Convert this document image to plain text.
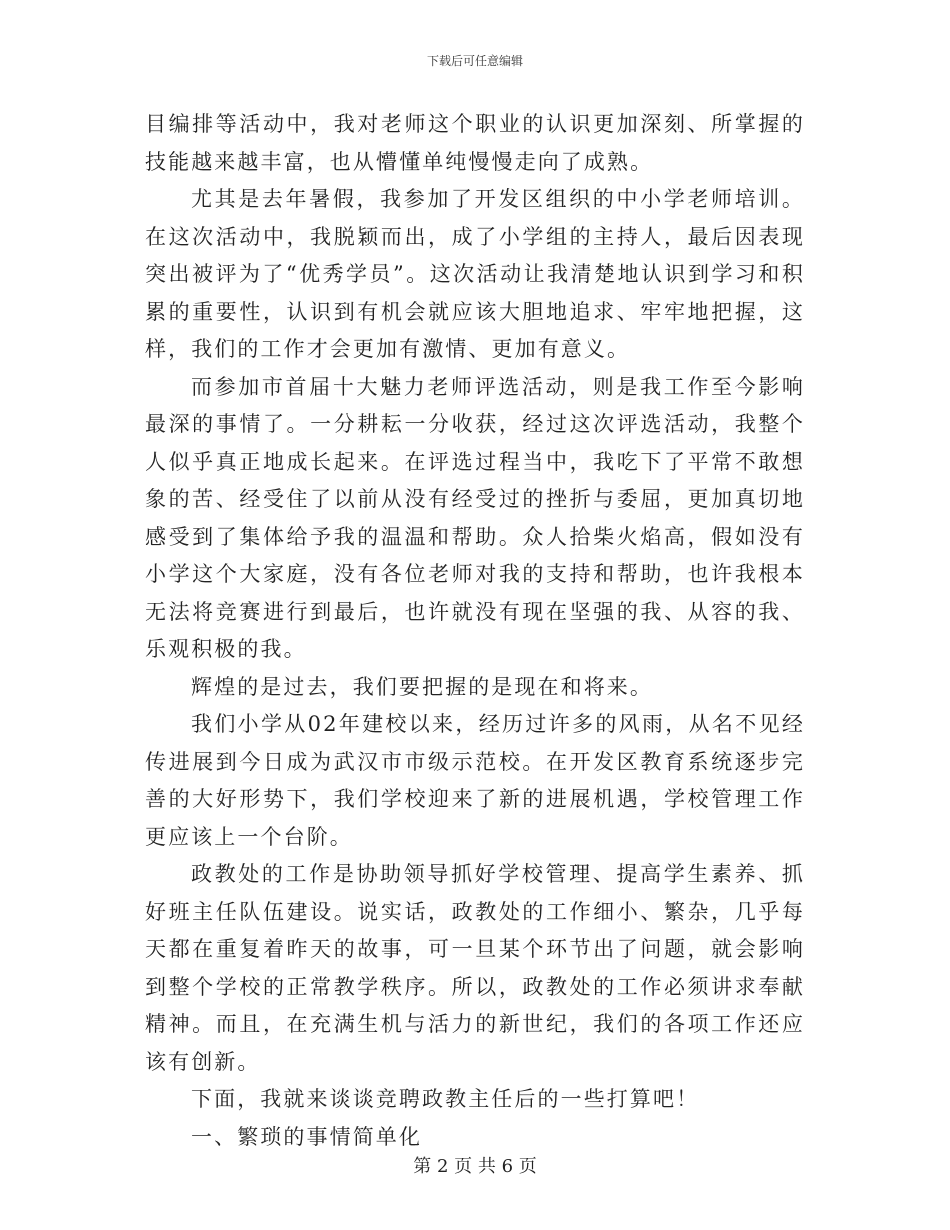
下载后可任意编辑

目编排等活动中，我对老师这个职业的认识更加深刻、所掌握的技能越来越丰富，也从懵懂单纯慢慢走向了成熟。

尤其是去年暑假，我参加了开发区组织的中小学老师培训。在这次活动中，我脱颖而出，成了小学组的主持人，最后因表现突出被评为了“优秀学员”。这次活动让我清楚地认识到学习和积累的重要性，认识到有机会就应该大胆地追求、牢牢地把握，这样，我们的工作才会更加有激情、更加有意义。

而参加市首届十大魅力老师评选活动，则是我工作至今影响最深的事情了。一分耕耘一分收获，经过这次评选活动，我整个人似乎真正地成长起来。在评选过程当中，我吃下了平常不敢想象的苦、经受住了以前从没有经受过的挫折与委屈，更加真切地感受到了集体给予我的温温和帮助。众人拾柴火焰高，假如没有小学这个大家庭，没有各位老师对我的支持和帮助，也许我根本无法将竞赛进行到最后，也许就没有现在坚强的我、从容的我、乐观积极的我。

辉煌的是过去，我们要把握的是现在和将来。

我们小学从02年建校以来，经历过许多的风雨，从名不见经传进展到今日成为武汉市市级示范校。在开发区教育系统逐步完善的大好形势下，我们学校迎来了新的进展机遇，学校管理工作更应该上一个台阶。

政教处的工作是协助领导抓好学校管理、提高学生素养、抓好班主任队伍建设。说实话，政教处的工作细小、繁杂，几乎每天都在重复着昨天的故事，可一旦某个环节出了问题，就会影响到整个学校的正常教学秩序。所以，政教处的工作必须讲求奉献精神。而且，在充满生机与活力的新世纪，我们的各项工作还应该有创新。

下面，我就来谈谈竞聘政教主任后的一些打算吧！

一、繁琐的事情简单化

第 2 页 共 6 页
